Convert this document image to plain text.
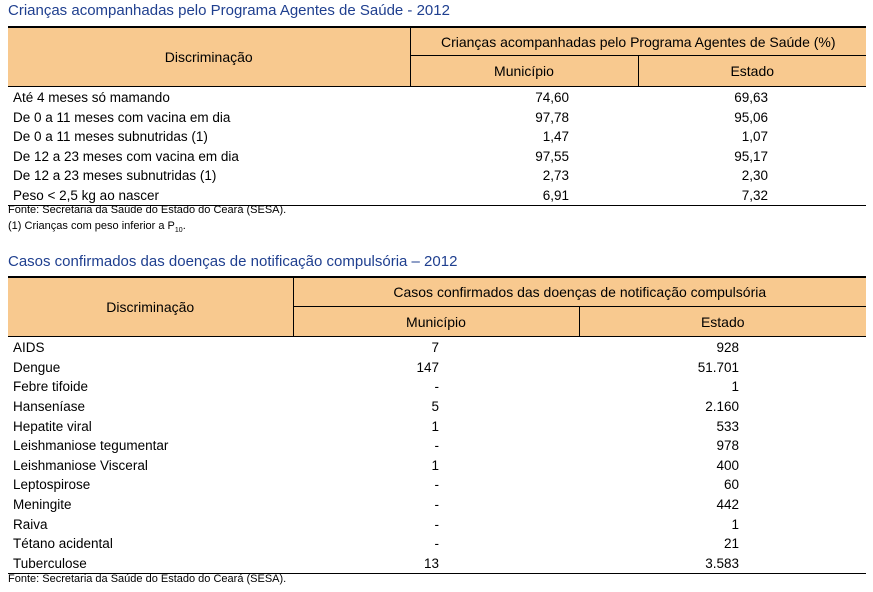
Crianças acompanhadas pelo Programa Agentes de Saúde - 2012
Discriminação	Crianças acompanhadas pelo Programa Agentes de Saúde (%)	
	Município	Estado
Até 4 meses só mamando	74,60	69,63
De 0 a 11 meses com vacina em dia	97,78	95,06
De 0 a 11 meses subnutridas (1)	1,47	1,07
De 12 a 23 meses com vacina em dia	97,55	95,17
De 12 a 23 meses subnutridas (1)	2,73	2,30
Peso < 2,5 kg ao nascer	6,91	7,32
Fonte: Secretaria da Saúde do Estado do Ceará (SESA).
(1) Crianças com peso inferior a $P_{10}$.
Casos confirmados das doenças de notificação compulsória – 2012
Discriminação	Casos confirmados das doenças de notificação compulsória	
	Município	Estado
AIDS	7	928
Dengue	147	51.701
Febre tifoide	-	1
Hanseníase	5	2.160
Hepatite viral	1	533
Leishmaniose tegumentar	-	978
Leishmaniose Visceral	1	400
Leptospirose	-	60
Meningite	-	442
Raiva	-	1
Tétano acidental	-	21
Tuberculose	13	3.583
Fonte: Secretaria da Saúde do Estado do Ceará (SESA).
